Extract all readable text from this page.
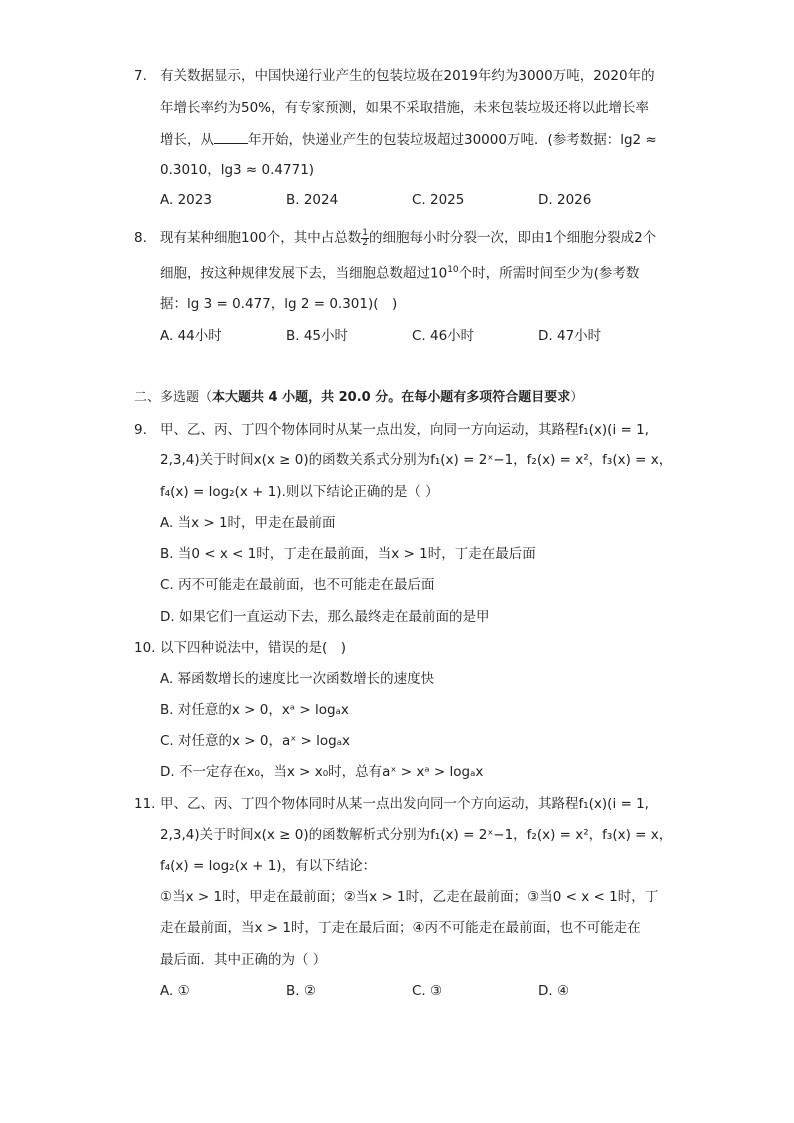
7. 有关数据显示，中国快递行业产生的包装垃圾在2019年约为3000万吨，2020年的
年增长率约为50%，有专家预测，如果不采取措施，未来包装垃圾还将以此增长率
增长，从	年开始，快递业产生的包装垃圾超过30000万吨．(参考数据：lg2 ≈
0.3010，lg3 ≈ 0.4771)
A. 2023	B. 2024	C. 2025	D. 2026
8. 现有某种细胞100个，其中占总数 $\frac{1}{2}$ 的细胞每小时分裂一次，即由1个细胞分裂成2个
细胞，按这种规律发展下去，当细胞总数超过$10^{10}$个时，所需时间至少为(参考数
据：lg 3 = 0.477，lg 2 = 0.301)(　)
A. 44小时	B. 45小时	C. 46小时	D. 47小时
二、多选题（本大题共 4 小题，共 20.0 分。在每小题有多项符合题目要求）
9. 甲、乙、丙、丁四个物体同时从某一点出发，向同一方向运动，其路程f₁(x)(i = 1,
2,3,4)关于时间x(x ≥ 0)的函数关系式分别为f₁(x) = 2ˣ−1，f₂(x) = x²，f₃(x) = x，
f₄(x) = log₂(x + 1).则以下结论正确的是（ ）
A. 当x > 1时，甲走在最前面
B. 当0 < x < 1时，丁走在最前面，当x > 1时，丁走在最后面
C. 丙不可能走在最前面，也不可能走在最后面
D. 如果它们一直运动下去，那么最终走在最前面的是甲
10. 以下四种说法中，错误的是(　)
A. 幂函数增长的速度比一次函数增长的速度快
B. 对任意的x > 0，xᵃ > logₐx
C. 对任意的x > 0，aˣ > logₐx
D. 不一定存在x₀，当x > x₀时，总有aˣ > xᵃ > logₐx
11. 甲、乙、丙、丁四个物体同时从某一点出发向同一个方向运动，其路程f₁(x)(i = 1,
2,3,4)关于时间x(x ≥ 0)的函数解析式分别为f₁(x) = 2ˣ−1，f₂(x) = x²，f₃(x) = x，
f₄(x) = log₂(x + 1)，有以下结论：
①当x > 1时，甲走在最前面；②当x > 1时，乙走在最前面；③当0 < x < 1时，丁
走在最前面，当x > 1时，丁走在最后面；④丙不可能走在最前面，也不可能走在
最后面．其中正确的为（ ）
A. ①	B. ②	C. ③	D. ④
